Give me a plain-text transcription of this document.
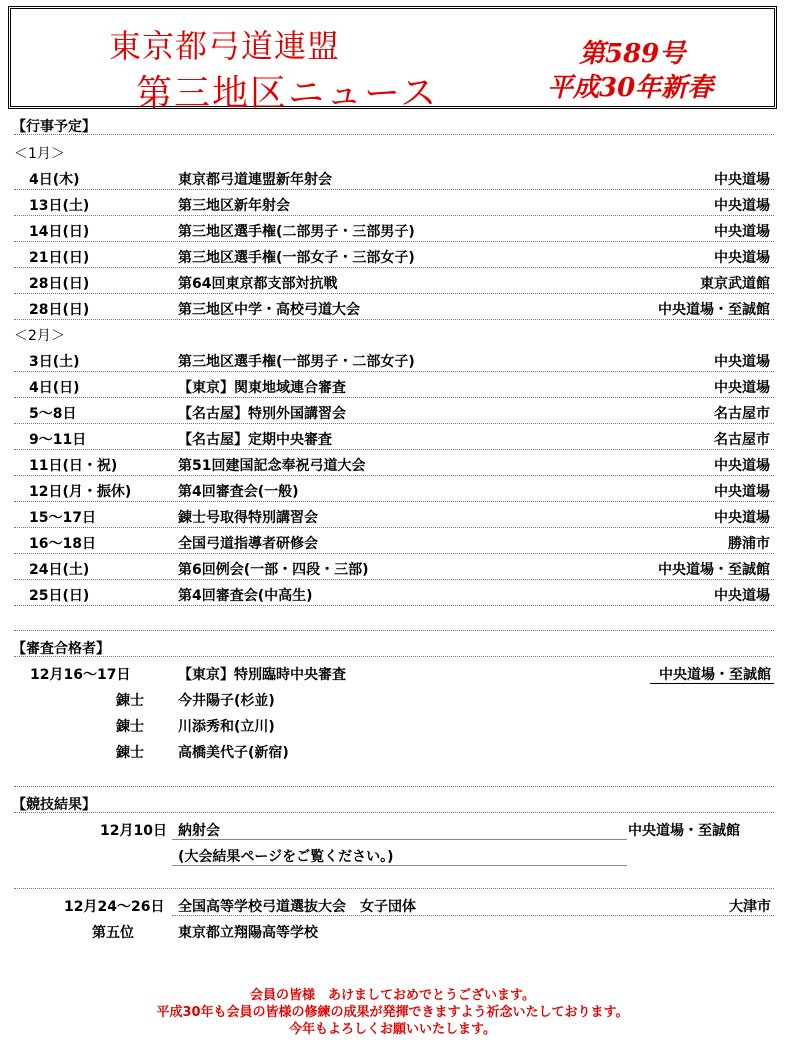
東京都弓道連盟
第三地区ニュース
第589号
平成30年新春
【行事予定】
＜1月＞
4日(木)	東京都弓道連盟新年射会	中央道場
13日(土)	第三地区新年射会	中央道場
14日(日)	第三地区選手権(二部男子・三部男子)	中央道場
21日(日)	第三地区選手権(一部女子・三部女子)	中央道場
28日(日)	第64回東京都支部対抗戦	東京武道館
28日(日)	第三地区中学・高校弓道大会	中央道場・至誠館
＜2月＞
3日(土)	第三地区選手権(一部男子・二部女子)	中央道場
4日(日)	【東京】関東地域連合審査	中央道場
5～8日	【名古屋】特別外国講習会	名古屋市
9～11日	【名古屋】定期中央審査	名古屋市
11日(日・祝)	第51回建国記念奉祝弓道大会	中央道場
12日(月・振休)	第4回審査会(一般)	中央道場
15～17日	錬士号取得特別講習会	中央道場
16～18日	全国弓道指導者研修会	勝浦市
24日(土)	第6回例会(一部・四段・三部)	中央道場・至誠館
25日(日)	第4回審査会(中高生)	中央道場
【審査合格者】
12月16～17日	【東京】特別臨時中央審査	中央道場・至誠館
錬士 今井陽子(杉並)
錬士 川添秀和(立川)
錬士 高橋美代子(新宿)
【競技結果】
12月10日 納射会	中央道場・至誠館
(大会結果ページをご覧ください。)
12月24～26日 全国高等学校弓道選抜大会　女子団体	大津市
第五位	東京都立翔陽高等学校
会員の皆様　あけましておめでとうございます。
平成30年も会員の皆様の修練の成果が発揮できますよう祈念いたしております。
今年もよろしくお願いいたします。
